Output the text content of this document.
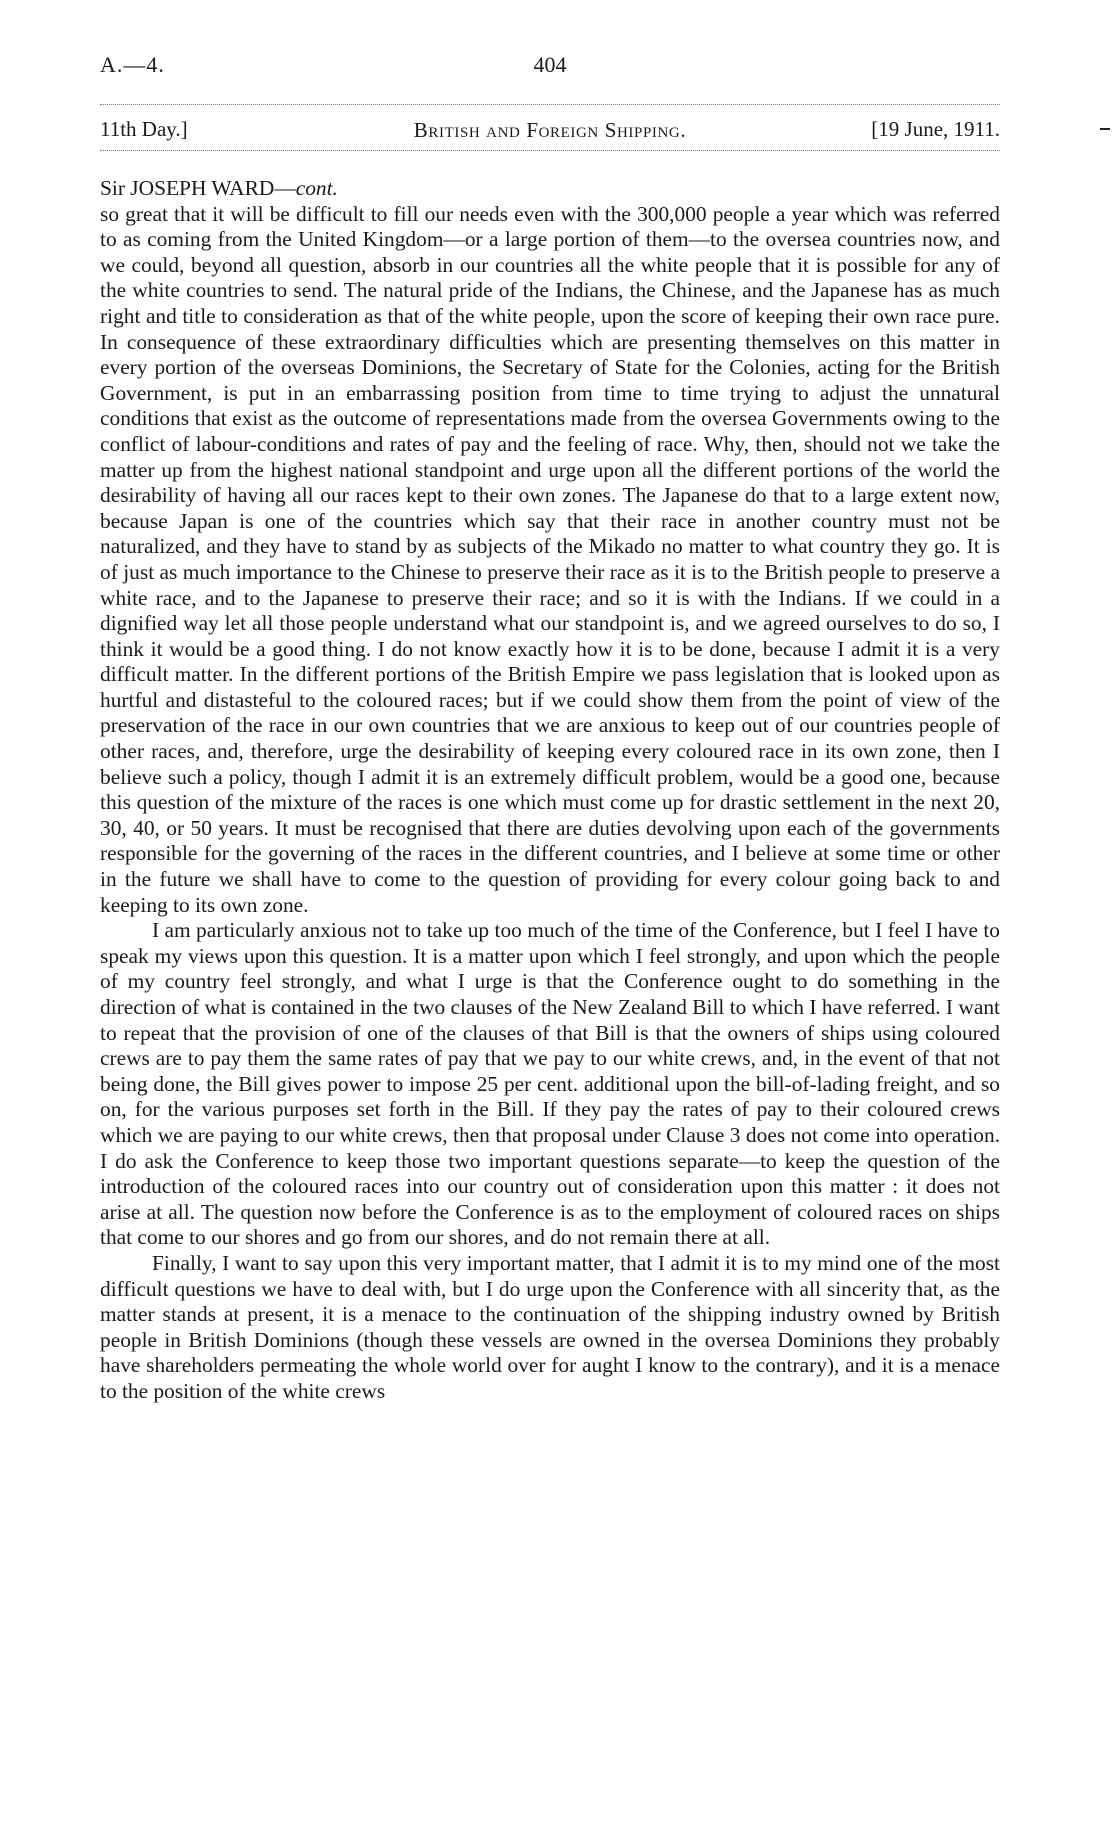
A.—4.	404
11th Day.]	British and Foreign Shipping.	[19 June, 1911.

Sir JOSEPH WARD—cont.

so great that it will be difficult to fill our needs even with the 300,000 people a year which was referred to as coming from the United Kingdom—or a large portion of them—to the oversea countries now, and we could, beyond all question, absorb in our countries all the white people that it is possible for any of the white countries to send. The natural pride of the Indians, the Chinese, and the Japanese has as much right and title to consideration as that of the white people, upon the score of keeping their own race pure. In consequence of these extraordinary difficulties which are presenting themselves on this matter in every portion of the overseas Dominions, the Secretary of State for the Colonies, acting for the British Government, is put in an embarrassing position from time to time trying to adjust the unnatural conditions that exist as the outcome of representations made from the oversea Governments owing to the conflict of labour-conditions and rates of pay and the feeling of race. Why, then, should not we take the matter up from the highest national standpoint and urge upon all the different portions of the world the desirability of having all our races kept to their own zones. The Japanese do that to a large extent now, because Japan is one of the countries which say that their race in another country must not be naturalized, and they have to stand by as subjects of the Mikado no matter to what country they go. It is of just as much importance to the Chinese to preserve their race as it is to the British people to preserve a white race, and to the Japanese to preserve their race; and so it is with the Indians. If we could in a dignified way let all those people understand what our standpoint is, and we agreed ourselves to do so, I think it would be a good thing. I do not know exactly how it is to be done, because I admit it is a very difficult matter. In the different portions of the British Empire we pass legislation that is looked upon as hurtful and distasteful to the coloured races; but if we could show them from the point of view of the preservation of the race in our own countries that we are anxious to keep out of our countries people of other races, and, therefore, urge the desirability of keeping every coloured race in its own zone, then I believe such a policy, though I admit it is an extremely difficult problem, would be a good one, because this question of the mixture of the races is one which must come up for drastic settlement in the next 20, 30, 40, or 50 years. It must be recognised that there are duties devolving upon each of the governments responsible for the governing of the races in the different countries, and I believe at some time or other in the future we shall have to come to the question of providing for every colour going back to and keeping to its own zone.

I am particularly anxious not to take up too much of the time of the Conference, but I feel I have to speak my views upon this question. It is a matter upon which I feel strongly, and upon which the people of my country feel strongly, and what I urge is that the Conference ought to do something in the direction of what is contained in the two clauses of the New Zealand Bill to which I have referred. I want to repeat that the provision of one of the clauses of that Bill is that the owners of ships using coloured crews are to pay them the same rates of pay that we pay to our white crews, and, in the event of that not being done, the Bill gives power to impose 25 per cent. additional upon the bill-of-lading freight, and so on, for the various purposes set forth in the Bill. If they pay the rates of pay to their coloured crews which we are paying to our white crews, then that proposal under Clause 3 does not come into operation. I do ask the Conference to keep those two important questions separate—to keep the question of the introduction of the coloured races into our country out of consideration upon this matter : it does not arise at all. The question now before the Conference is as to the employment of coloured races on ships that come to our shores and go from our shores, and do not remain there at all.

Finally, I want to say upon this very important matter, that I admit it is to my mind one of the most difficult questions we have to deal with, but I do urge upon the Conference with all sincerity that, as the matter stands at present, it is a menace to the continuation of the shipping industry owned by British people in British Dominions (though these vessels are owned in the oversea Dominions they probably have shareholders permeating the whole world over for aught I know to the contrary), and it is a menace to the position of the white crews
